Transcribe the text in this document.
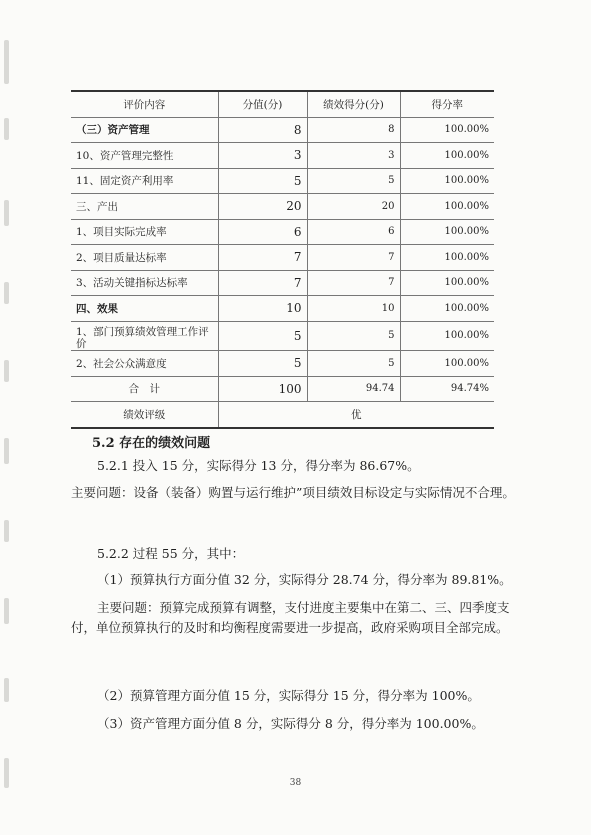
评价内容	分值(分)	绩效得分(分)	得分率
（三）资产管理	8	8	100.00%
10、资产管理完整性	3	3	100.00%
11、固定资产利用率	5	5	100.00%
三、产出	20	20	100.00%
1、项目实际完成率	6	6	100.00%
2、项目质量达标率	7	7	100.00%
3、活动关键指标达标率	7	7	100.00%
四、效果	10	10	100.00%
1、部门预算绩效管理工作评价	5	5	100.00%
2、社会公众满意度	5	5	100.00%
合　计	100	94.74	94.74%
绩效评级	优		
5.2 存在的绩效问题
5.2.1 投入 15 分，实际得分 13 分，得分率为 86.67%。
主要问题：设备（装备）购置与运行维护”项目绩效目标设定与实际情况不合理。
5.2.2 过程 55 分，其中：
（1）预算执行方面分值 32 分，实际得分 28.74 分，得分率为 89.81%。
主要问题：预算完成预算有调整，支付进度主要集中在第二、三、四季度支付，单位预算执行的及时和均衡程度需要进一步提高，政府采购项目全部完成。
（2）预算管理方面分值 15 分，实际得分 15 分，得分率为 100%。
（3）资产管理方面分值 8 分，实际得分 8 分，得分率为 100.00%。
38
